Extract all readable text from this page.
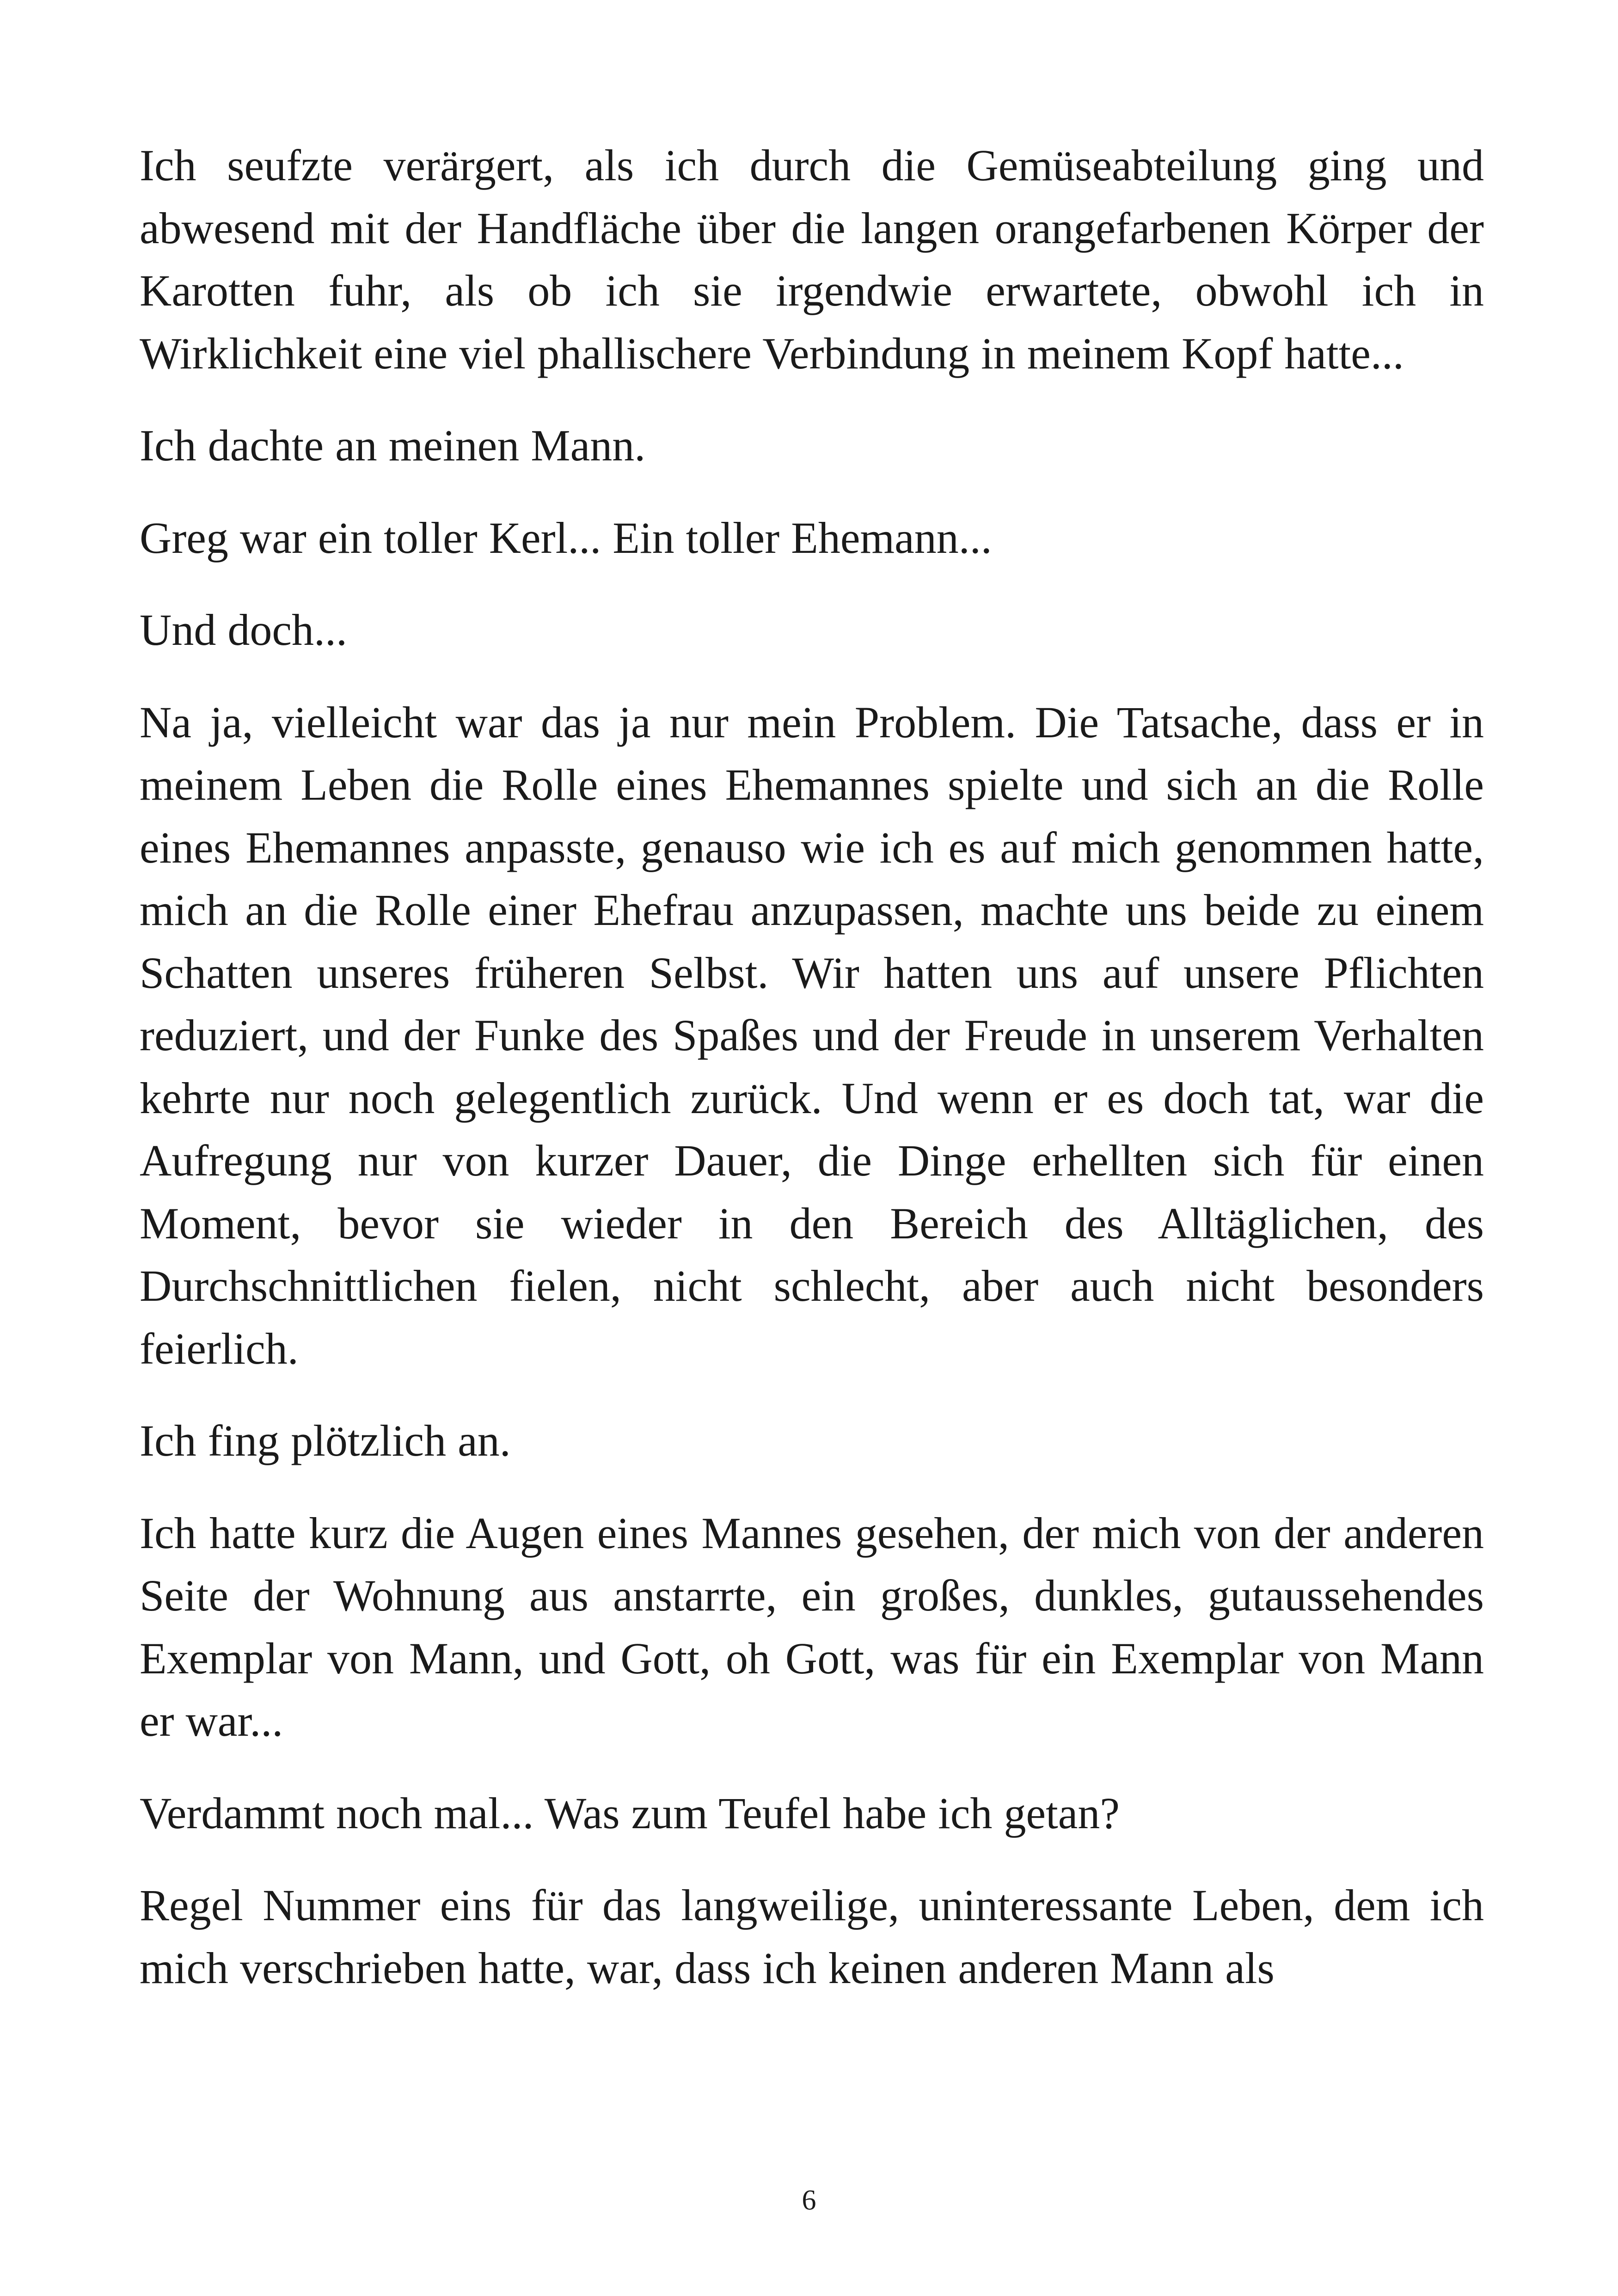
Ich seufzte verärgert, als ich durch die Gemüseabteilung ging und abwesend mit der Handfläche über die langen orangefarbenen Körper der Karotten fuhr, als ob ich sie irgendwie erwartete, obwohl ich in Wirklichkeit eine viel phallischere Verbindung in meinem Kopf hatte...

Ich dachte an meinen Mann.

Greg war ein toller Kerl... Ein toller Ehemann...

Und doch...

Na ja, vielleicht war das ja nur mein Problem. Die Tatsache, dass er in meinem Leben die Rolle eines Ehemannes spielte und sich an die Rolle eines Ehemannes anpasste, genauso wie ich es auf mich genommen hatte, mich an die Rolle einer Ehefrau anzupassen, machte uns beide zu einem Schatten unseres früheren Selbst. Wir hatten uns auf unsere Pflichten reduziert, und der Funke des Spaßes und der Freude in unserem Verhalten kehrte nur noch gelegentlich zurück. Und wenn er es doch tat, war die Aufregung nur von kurzer Dauer, die Dinge erhellten sich für einen Moment, bevor sie wieder in den Bereich des Alltäglichen, des Durchschnittlichen fielen, nicht schlecht, aber auch nicht besonders feierlich.

Ich fing plötzlich an.

Ich hatte kurz die Augen eines Mannes gesehen, der mich von der anderen Seite der Wohnung aus anstarrte, ein großes, dunkles, gutaussehendes Exemplar von Mann, und Gott, oh Gott, was für ein Exemplar von Mann er war...

Verdammt noch mal... Was zum Teufel habe ich getan?

Regel Nummer eins für das langweilige, uninteressante Leben, dem ich mich verschrieben hatte, war, dass ich keinen anderen Mann als

6
